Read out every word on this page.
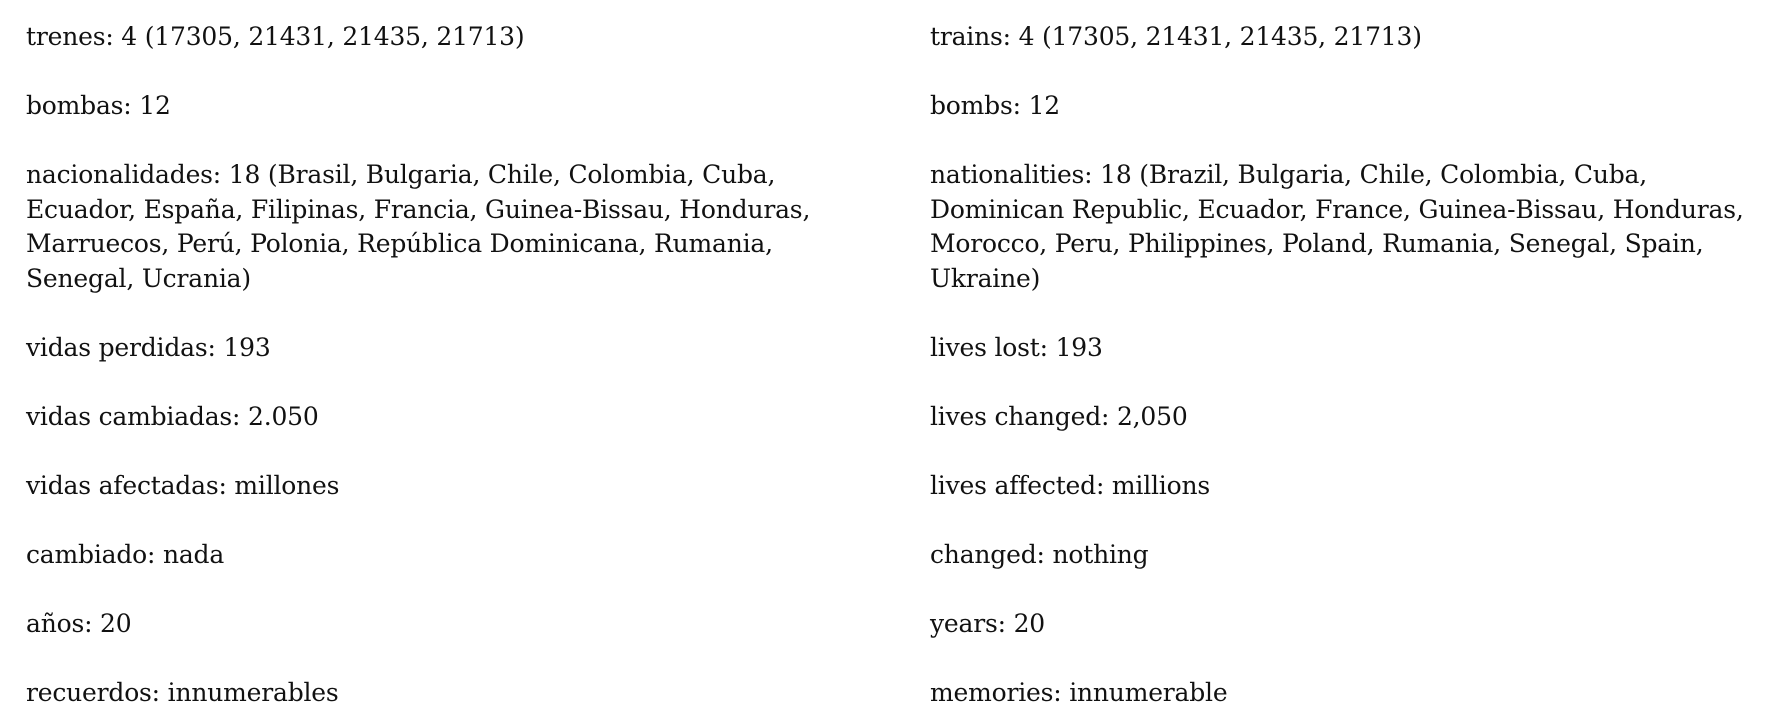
trenes: 4 (17305, 21431, 21435, 21713)
bombas: 12
nacionalidades: 18 (Brasil, Bulgaria, Chile, Colombia, Cuba, Ecuador, España, Filipinas, Francia, Guinea-Bissau, Honduras, Marruecos, Perú, Polonia, República Dominicana, Rumania, Senegal, Ucrania)
vidas perdidas: 193
vidas cambiadas: 2.050
vidas afectadas: millones
cambiado: nada
años: 20
recuerdos: innumerables
trains: 4 (17305, 21431, 21435, 21713)
bombs: 12
nationalities: 18 (Brazil, Bulgaria, Chile, Colombia, Cuba, Dominican Republic, Ecuador, France, Guinea-Bissau, Honduras, Morocco, Peru, Philippines, Poland, Rumania, Senegal, Spain, Ukraine)
lives lost: 193
lives changed: 2,050
lives affected: millions
changed: nothing
years: 20
memories: innumerable
